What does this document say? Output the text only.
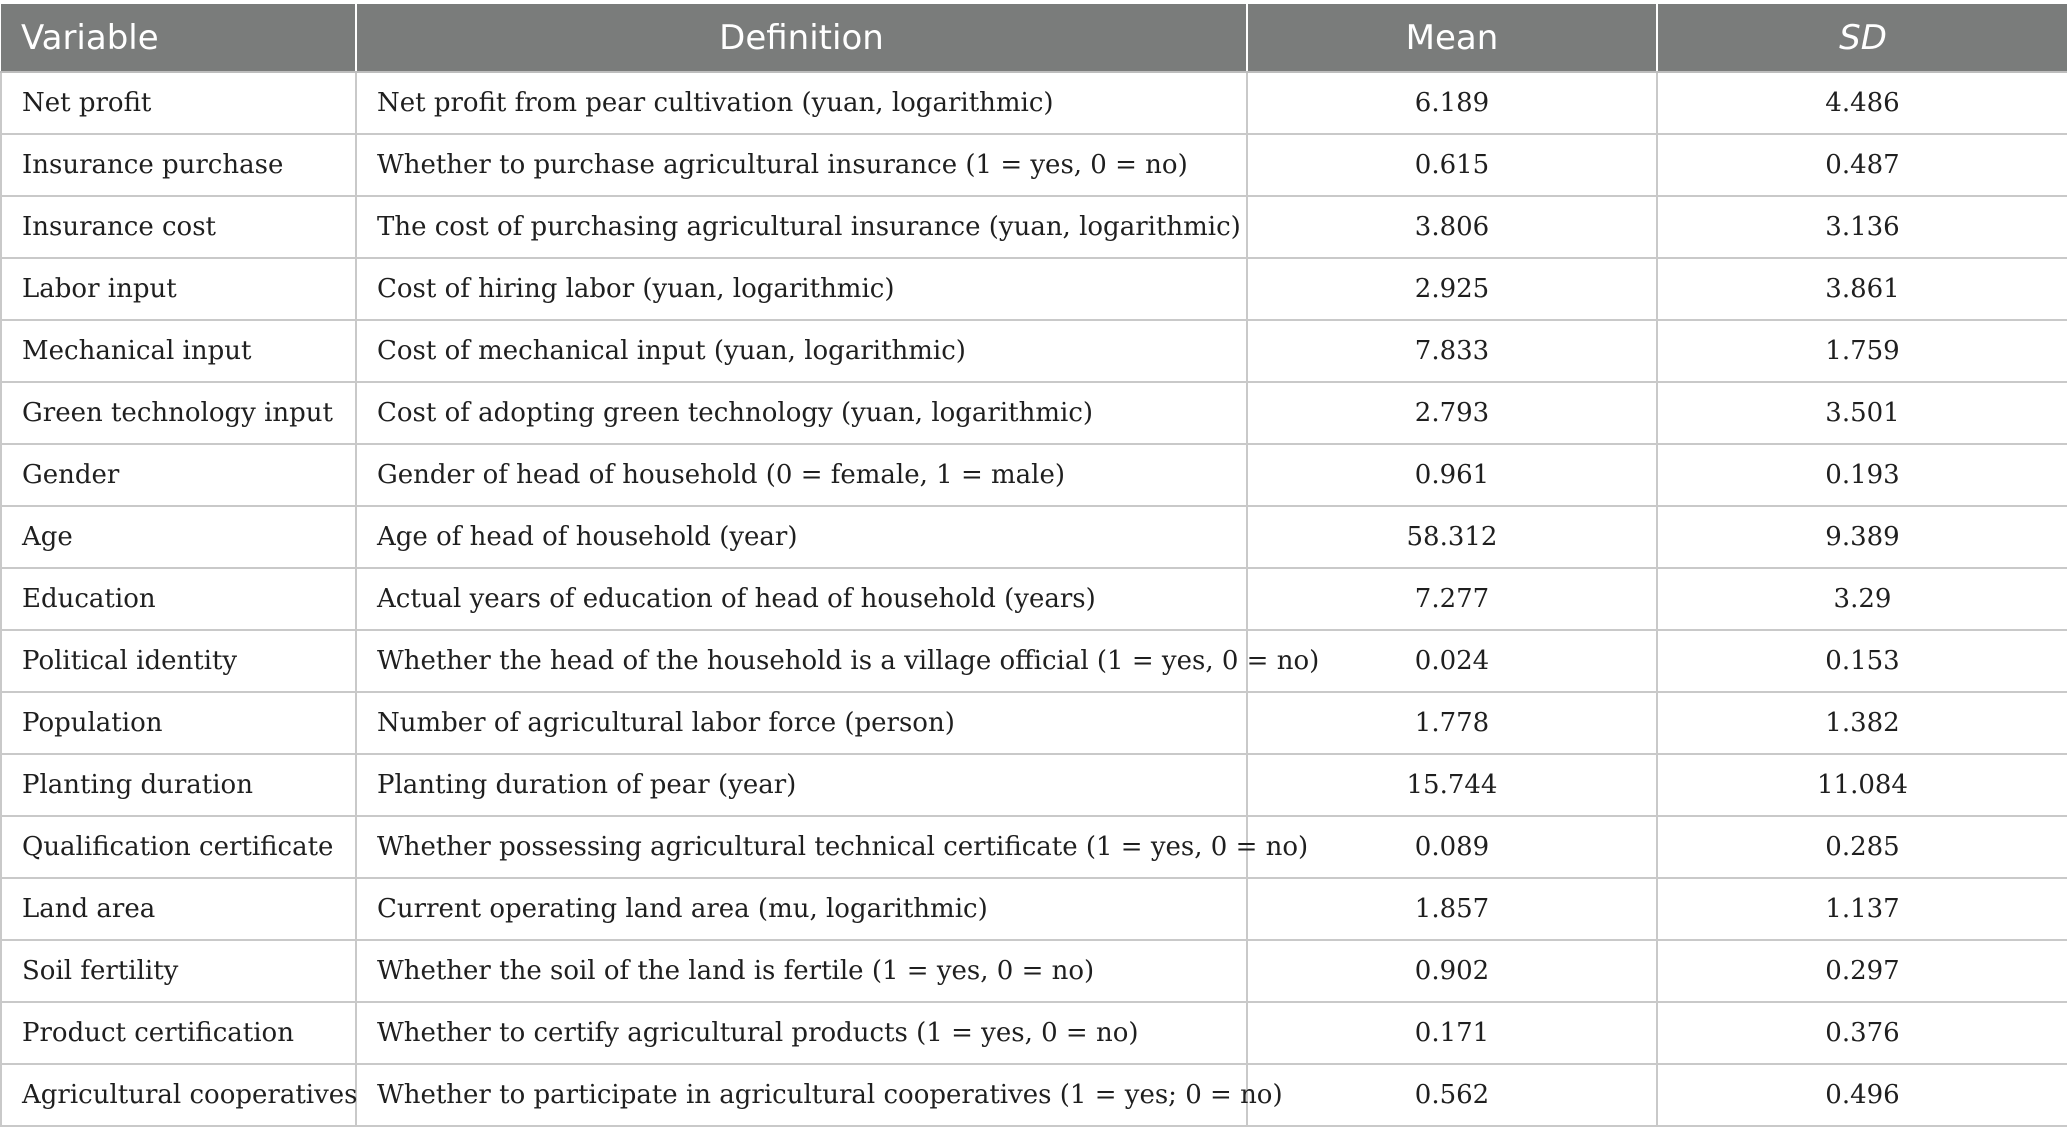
Variable	Definition	Mean	SD
Net profit	Net profit from pear cultivation (yuan, logarithmic)	6.189	4.486
Insurance purchase	Whether to purchase agricultural insurance (1 = yes, 0 = no)	0.615	0.487
Insurance cost	The cost of purchasing agricultural insurance (yuan, logarithmic)	3.806	3.136
Labor input	Cost of hiring labor (yuan, logarithmic)	2.925	3.861
Mechanical input	Cost of mechanical input (yuan, logarithmic)	7.833	1.759
Green technology input	Cost of adopting green technology (yuan, logarithmic)	2.793	3.501
Gender	Gender of head of household (0 = female, 1 = male)	0.961	0.193
Age	Age of head of household (year)	58.312	9.389
Education	Actual years of education of head of household (years)	7.277	3.29
Political identity	Whether the head of the household is a village official (1 = yes, 0 = no)	0.024	0.153
Population	Number of agricultural labor force (person)	1.778	1.382
Planting duration	Planting duration of pear (year)	15.744	11.084
Qualification certificate	Whether possessing agricultural technical certificate (1 = yes, 0 = no)	0.089	0.285
Land area	Current operating land area (mu, logarithmic)	1.857	1.137
Soil fertility	Whether the soil of the land is fertile (1 = yes, 0 = no)	0.902	0.297
Product certification	Whether to certify agricultural products (1 = yes, 0 = no)	0.171	0.376
Agricultural cooperatives	Whether to participate in agricultural cooperatives (1 = yes; 0 = no)	0.562	0.496
